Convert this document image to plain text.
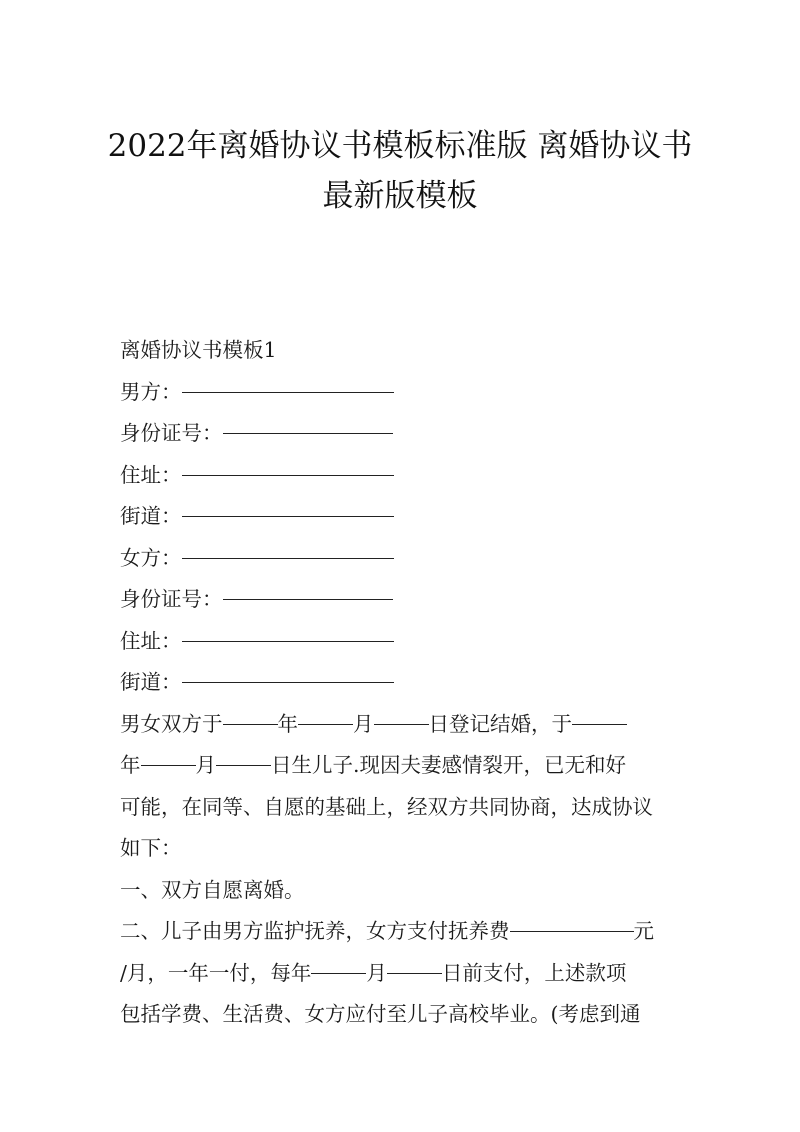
2022年离婚协议书模板标准版 离婚协议书
最新版模板
离婚协议书模板1
男方：
身份证号：
住址：
街道：
女方：
身份证号：
住址：
街道：
男女双方于	年	月	日登记结婚，于
年	月	日生儿子.现因夫妻感情裂开，已无和好
可能，在同等、自愿的基础上，经双方共同协商，达成协议
如下：
一、双方自愿离婚。
二、儿子由男方监护抚养，女方支付抚养费	元
/月，一年一付，每年	月	日前支付，上述款项
包括学费、生活费、女方应付至儿子高校毕业。(考虑到通
